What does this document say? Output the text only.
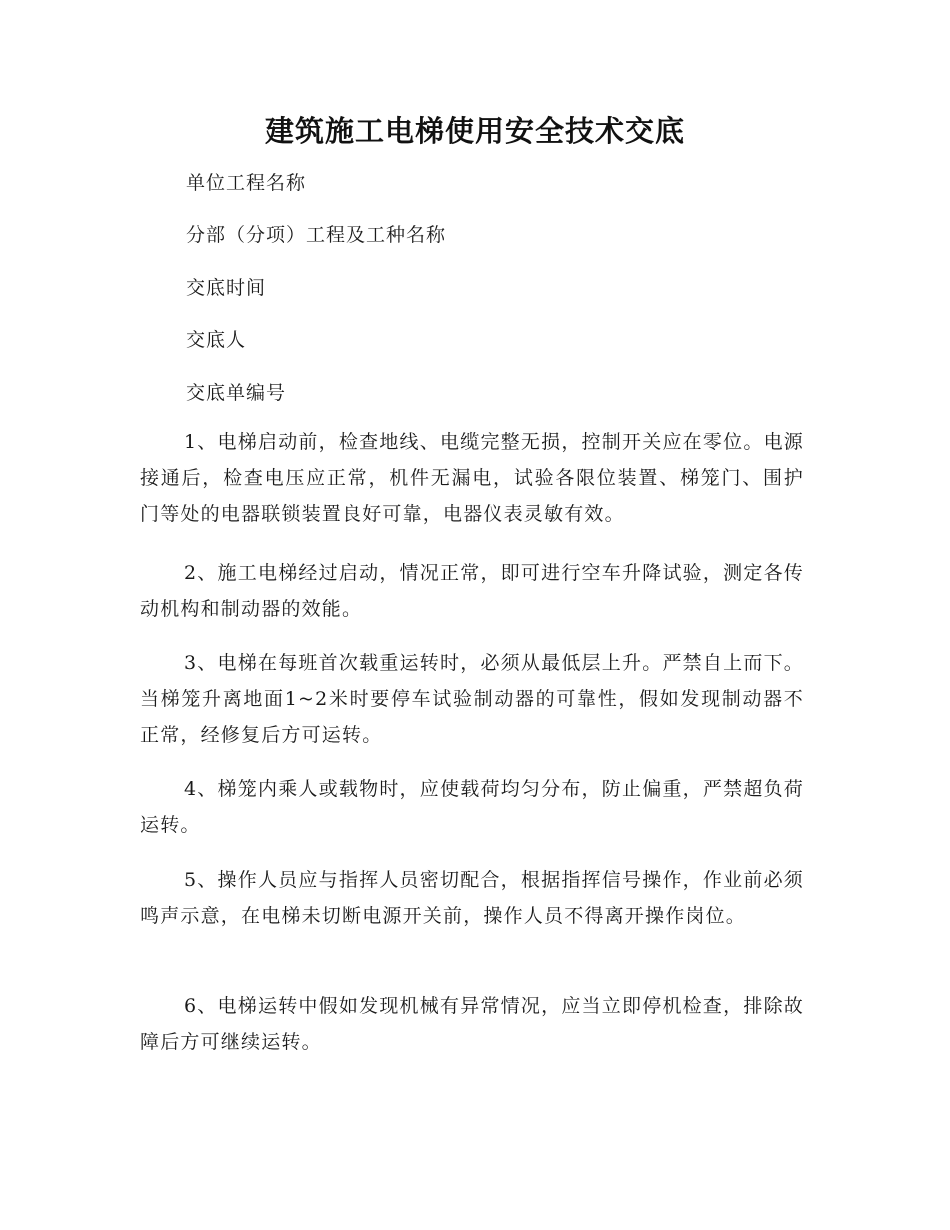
建筑施工电梯使用安全技术交底
单位工程名称
分部（分项）工程及工种名称
交底时间
交底人
交底单编号

1、电梯启动前，检查地线、电缆完整无损，控制开关应在零位。电源接通后，检查电压应正常，机件无漏电，试验各限位装置、梯笼门、围护门等处的电器联锁装置良好可靠，电器仪表灵敏有效。

2、施工电梯经过启动，情况正常，即可进行空车升降试验，测定各传动机构和制动器的效能。

3、电梯在每班首次载重运转时，必须从最低层上升。严禁自上而下。当梯笼升离地面1~2米时要停车试验制动器的可靠性，假如发现制动器不正常，经修复后方可运转。

4、梯笼内乘人或载物时，应使载荷均匀分布，防止偏重，严禁超负荷运转。

5、操作人员应与指挥人员密切配合，根据指挥信号操作，作业前必须鸣声示意，在电梯未切断电源开关前，操作人员不得离开操作岗位。

6、电梯运转中假如发现机械有异常情况，应当立即停机检查，排除故障后方可继续运转。
